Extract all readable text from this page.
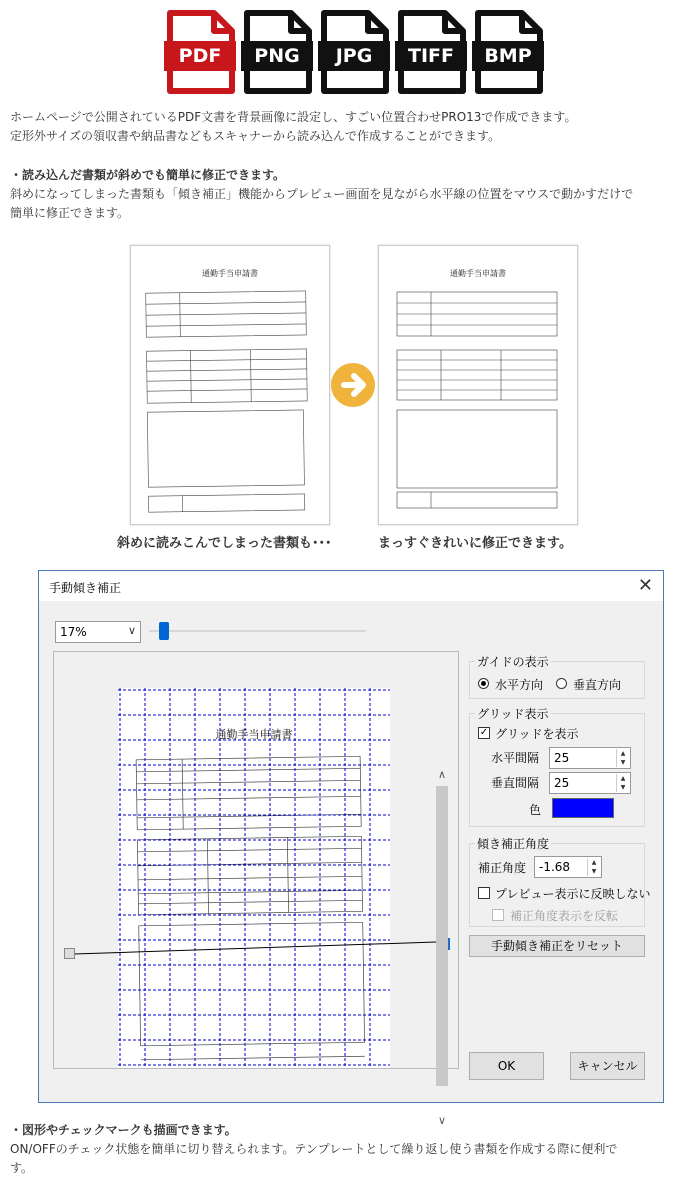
PDF	PNG	JPG	TIFF	BMP
ホームページで公開されているPDF文書を背景画像に設定し、すごい位置合わせPRO13で作成できます。
定形外サイズの領収書や納品書などもスキャナーから読み込んで作成することができます。
・読み込んだ書類が斜めでも簡単に修正できます。
斜めになってしまった書類も「傾き補正」機能からプレビュー画面を見ながら水平線の位置をマウスで動かすだけで
簡単に修正できます。
通勤手当申請書	通勤手当申請書
斜めに読みこんでしまった書類も･･･	まっすぐきれいに修正できます。
手動傾き補正	✕
17%	∨
通勤手当申請書
∧
∨
ガイドの表示
水平方向 垂直方向
グリッド表示
✓ グリッドを表示
水平間隔 25	▲
▼
垂直間隔 25	▲
▼
色
傾き補正角度
補正角度 -1.68	▲
▼
プレビュー表示に反映しない
補正角度表示を反転
手動傾き補正をリセット
OK	キャンセル
・図形やチェックマークも描画できます。
ON/OFFのチェック状態を簡単に切り替えられます。テンプレートとして繰り返し使う書類を作成する際に便利で
す。
